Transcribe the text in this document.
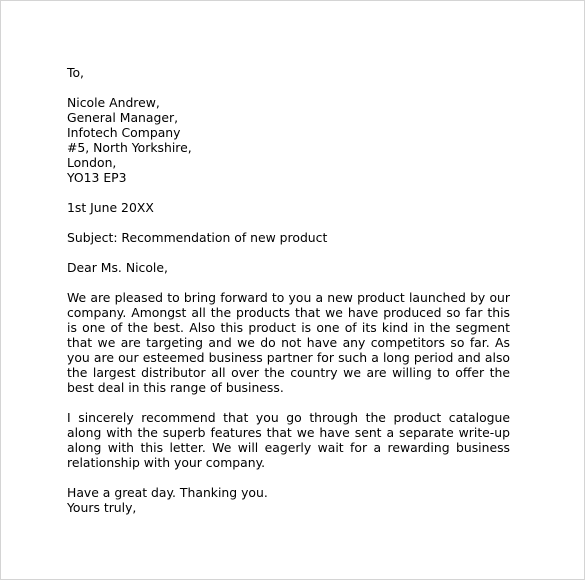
To,
Nicole Andrew,
General Manager,
Infotech Company
#5, North Yorkshire,
London,
YO13 EP3
1st June 20XX
Subject: Recommendation of new product
Dear Ms. Nicole,

We are pleased to bring forward to you a new product launched by our company. Amongst all the products that we have produced so far this is one of the best. Also this product is one of its kind in the segment that we are targeting and we do not have any competitors so far. As you are our esteemed business partner for such a long period and also the largest distributor all over the country we are willing to offer the best deal in this range of business.

I sincerely recommend that you go through the product catalogue along with the superb features that we have sent a separate write-up along with this letter. We will eagerly wait for a rewarding business relationship with your company.

Have a great day. Thanking you.
Yours truly,
